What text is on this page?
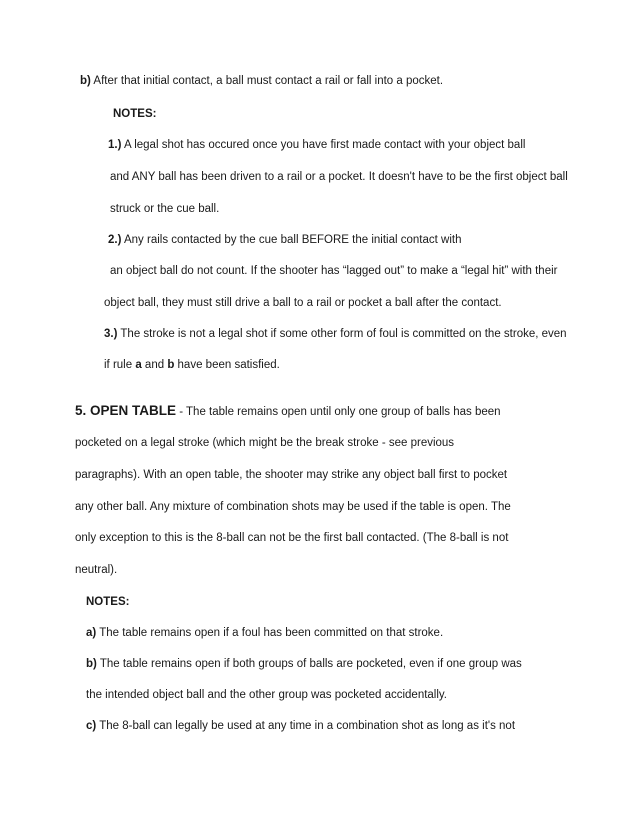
b) After that initial contact, a ball must contact a rail or fall into a pocket.
NOTES:
1.) A legal shot has occured once you have first made contact with your object ball
and ANY ball has been driven to a rail or a pocket. It doesn't have to be the first object ball
struck or the cue ball.
2.) Any rails contacted by the cue ball BEFORE the initial contact with
an object ball do not count. If the shooter has “lagged out” to make a “legal hit” with their
object ball, they must still drive a ball to a rail or pocket a ball after the contact.
3.) The stroke is not a legal shot if some other form of foul is committed on the stroke, even
if rule a and b have been satisfied.
5. OPEN TABLE - The table remains open until only one group of balls has been
pocketed on a legal stroke (which might be the break stroke - see previous
paragraphs). With an open table, the shooter may strike any object ball first to pocket
any other ball. Any mixture of combination shots may be used if the table is open. The
only exception to this is the 8-ball can not be the first ball contacted. (The 8-ball is not
neutral).
NOTES:
a) The table remains open if a foul has been committed on that stroke.
b) The table remains open if both groups of balls are pocketed, even if one group was
the intended object ball and the other group was pocketed accidentally.
c) The 8-ball can legally be used at any time in a combination shot as long as it's not
